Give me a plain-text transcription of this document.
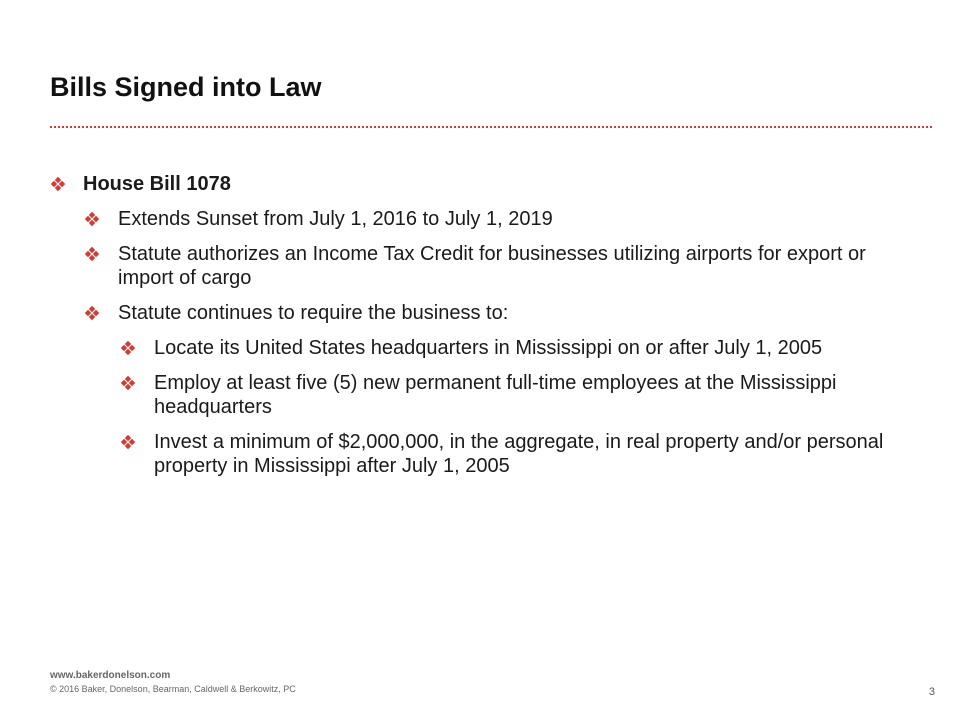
Bills Signed into Law
House Bill 1078
Extends Sunset from July 1, 2016 to July 1, 2019
Statute authorizes an Income Tax Credit for businesses utilizing airports for export or import of cargo
Statute continues to require the business to:
Locate its United States headquarters in Mississippi on or after July 1, 2005
Employ at least five (5) new permanent full-time employees at the Mississippi headquarters
Invest a minimum of $2,000,000, in the aggregate, in real property and/or personal property in Mississippi after July 1, 2005
www.bakerdonelson.com
© 2016 Baker, Donelson, Bearman, Caldwell & Berkowitz, PC	3
